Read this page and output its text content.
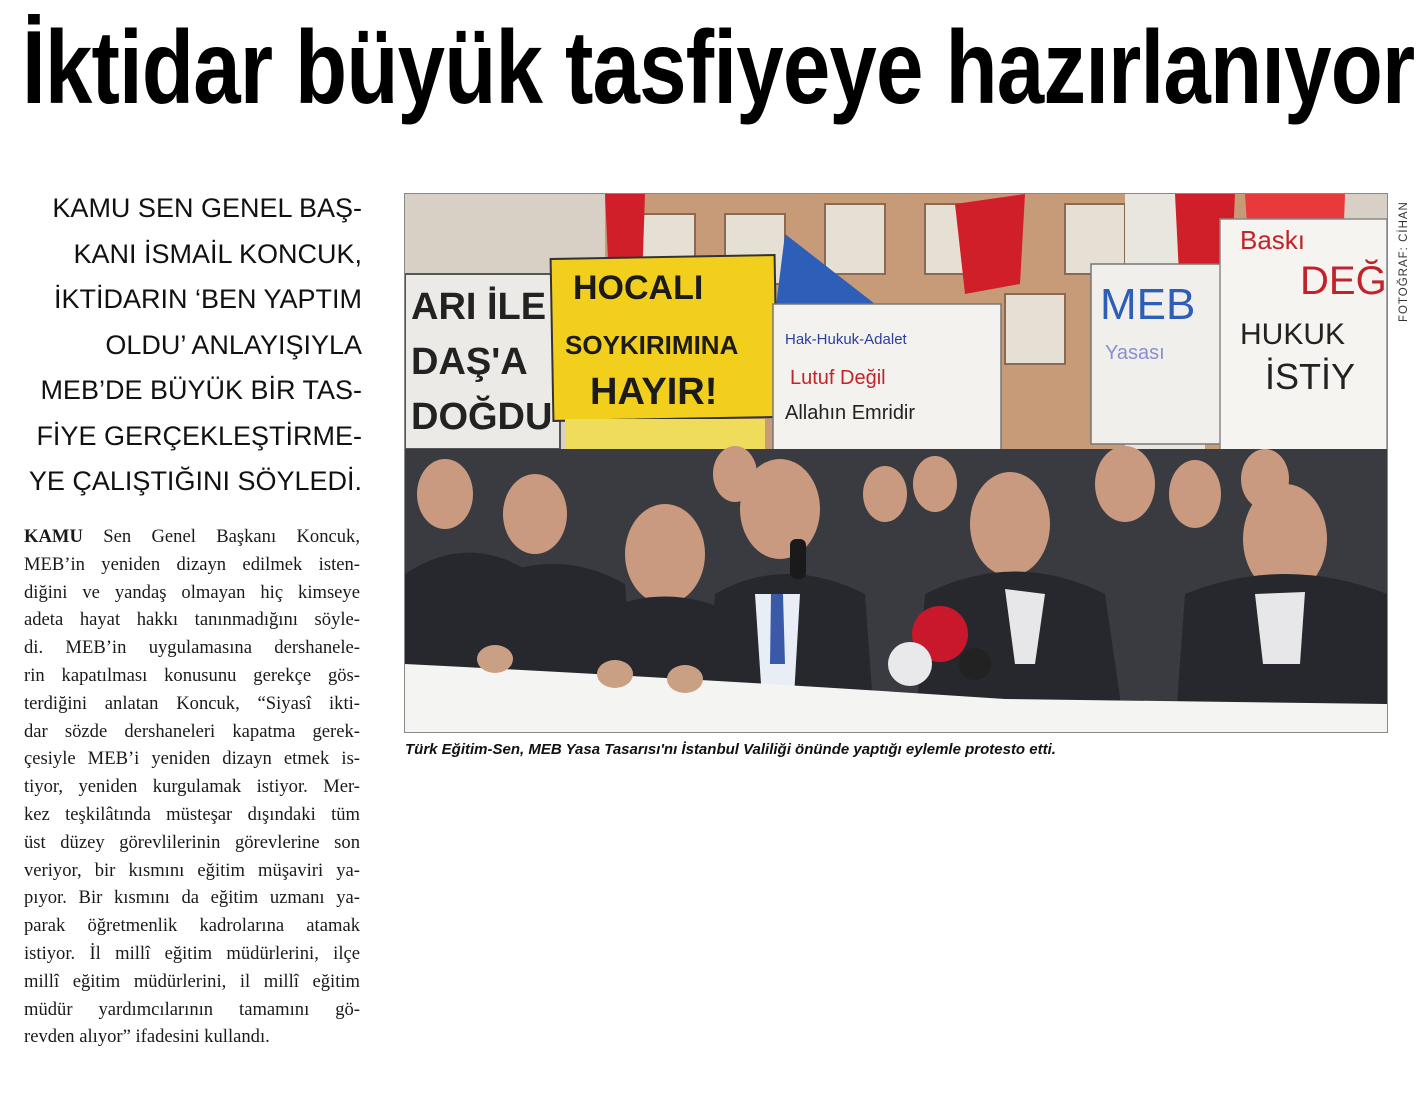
İktidar büyük tasfiyeye hazırlanıyor

KAMU SEN GENEL BAŞ-

KANI İSMAİL KONCUK,

İKTİDARIN ‘BEN YAPTIM

OLDU’ ANLAYIŞIYLA

MEB’DE BÜYÜK BİR TAS-

FİYE GERÇEKLEŞTİRME-

YE ÇALIŞTIĞINI SÖYLEDİ.

KAMU Sen Genel Başkanı Koncuk,

MEB’in yeniden dizayn edilmek isten-

diğini ve yandaş olmayan hiç kimseye

adeta hayat hakkı tanınmadığını söyle-

di. MEB’in uygulamasına dershanele-

rin kapatılması konusunu gerekçe gös-

terdiğini anlatan Koncuk, “Siyasî ikti-

dar sözde dershaneleri kapatma gerek-

çesiyle MEB’i yeniden dizayn etmek is-

tiyor, yeniden kurgulamak istiyor. Mer-

kez teşkilâtında müsteşar dışındaki tüm

üst düzey görevlilerinin görevlerine son

veriyor, bir kısmını eğitim müşaviri ya-

pıyor. Bir kısmını da eğitim uzmanı ya-

parak öğretmenlik kadrolarına atamak

istiyor. İl millî eğitim müdürlerini, ilçe

millî eğitim müdürlerini, il millî eğitim

müdür yardımcılarının tamamını gö-

revden alıyor” ifadesini kullandı.

ARI İLE
DAŞ'A
DOĞDU
HOCALI
SOYKIRIMINA
HAYIR!
Hak-Hukuk-Adalet
Lutuf Değil
Allahın Emridir
MEB
Yasası
Baskı
DEĞ
HUKUK
İSTİY
FOTOĞRAF: CİHAN
Türk Eğitim-Sen, MEB Yasa Tasarısı'nı İstanbul Valiliği önünde yaptığı eylemle protesto etti.
